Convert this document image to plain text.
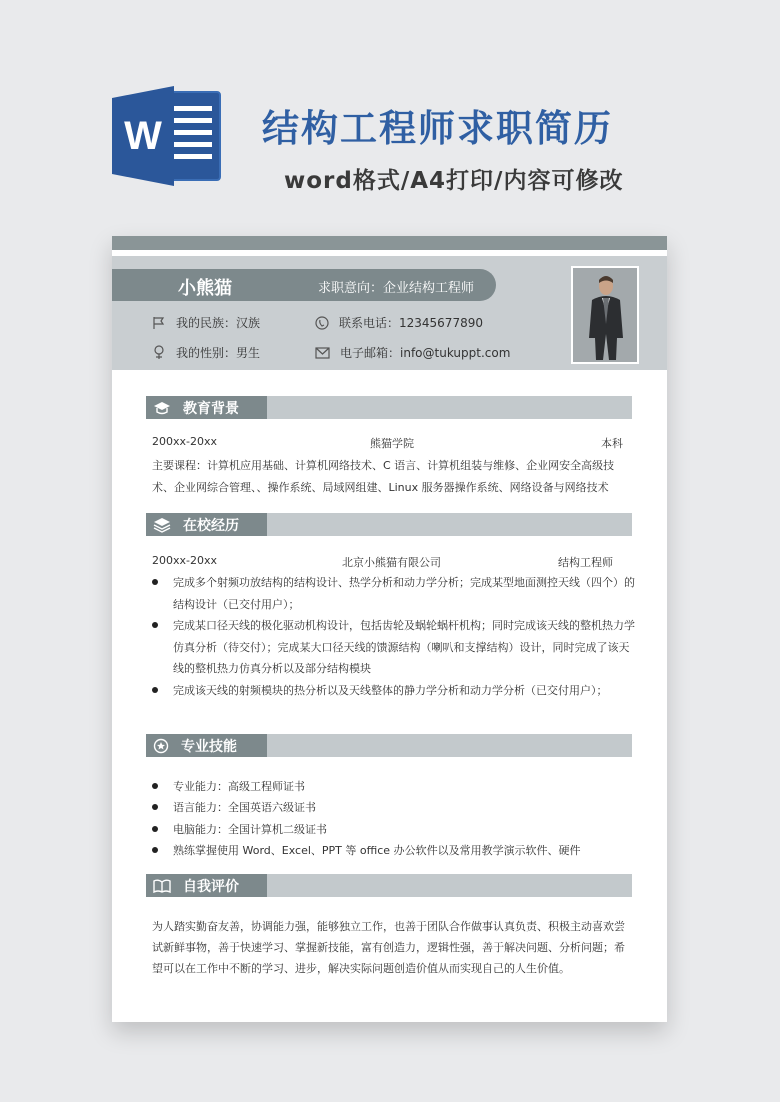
W	结构工程师求职简历
word格式/A4打印/内容可修改
小熊猫	求职意向：企业结构工程师
我的民族：汉族
我的性别：男生
联系电话：12345677890
电子邮箱：info@tukuppt.com
教育背景
200xx-20xx	熊猫学院	本科
主要课程：计算机应用基础、计算机网络技术、C 语言、计算机组装与维修、企业网安全高级技
术、企业网综合管理、、操作系统、局域网组建、Linux 服务器操作系统、网络设备与网络技术
在校经历
200xx-20xx	北京小熊猫有限公司	结构工程师
完成多个射频功放结构的结构设计、热学分析和动力学分析；完成某型地面测控天线（四个）的结构设计（已交付用户）；
完成某口径天线的极化驱动机构设计，包括齿轮及蜗轮蜗杆机构；同时完成该天线的整机热力学仿真分析（待交付）；完成某大口径天线的馈源结构（喇叭和支撑结构）设计，同时完成了该天线的整机热力仿真分析以及部分结构模块
完成该天线的射频模块的热分析以及天线整体的静力学分析和动力学分析（已交付用户）；
专业技能
专业能力：高级工程师证书
语言能力：全国英语六级证书
电脑能力：全国计算机二级证书
熟练掌握使用 Word、Excel、PPT 等 office 办公软件以及常用教学演示软件、硬件
自我评价
为人踏实勤奋友善，协调能力强，能够独立工作，也善于团队合作做事认真负责、积极主动喜欢尝试新鲜事物，善于快速学习、掌握新技能，富有创造力，逻辑性强，善于解决问题、分析问题；希望可以在工作中不断的学习、进步，解决实际问题创造价值从而实现自己的人生价值。
